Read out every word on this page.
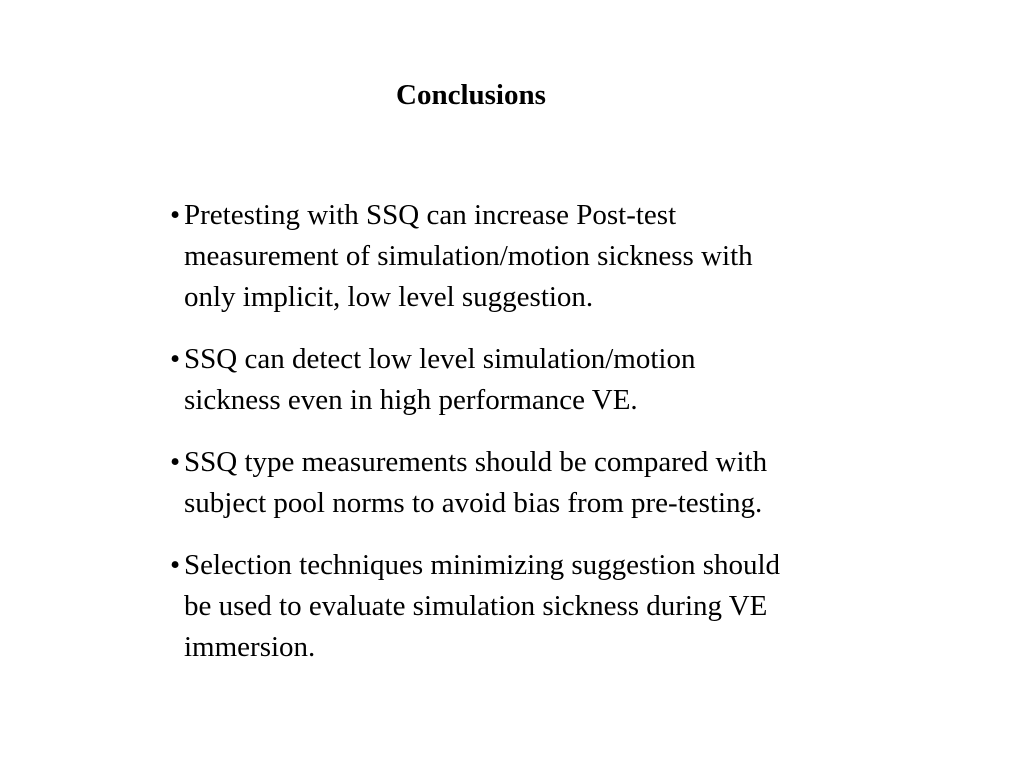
Conclusions
• Pretesting with SSQ can increase Post-test
measurement of simulation/motion sickness with
only implicit, low level suggestion.
• SSQ can detect low level simulation/motion
sickness even in high performance VE.
• SSQ type measurements should be compared with
subject pool norms to avoid bias from pre-testing.
• Selection techniques minimizing suggestion should
be used to evaluate simulation sickness during VE
immersion.
